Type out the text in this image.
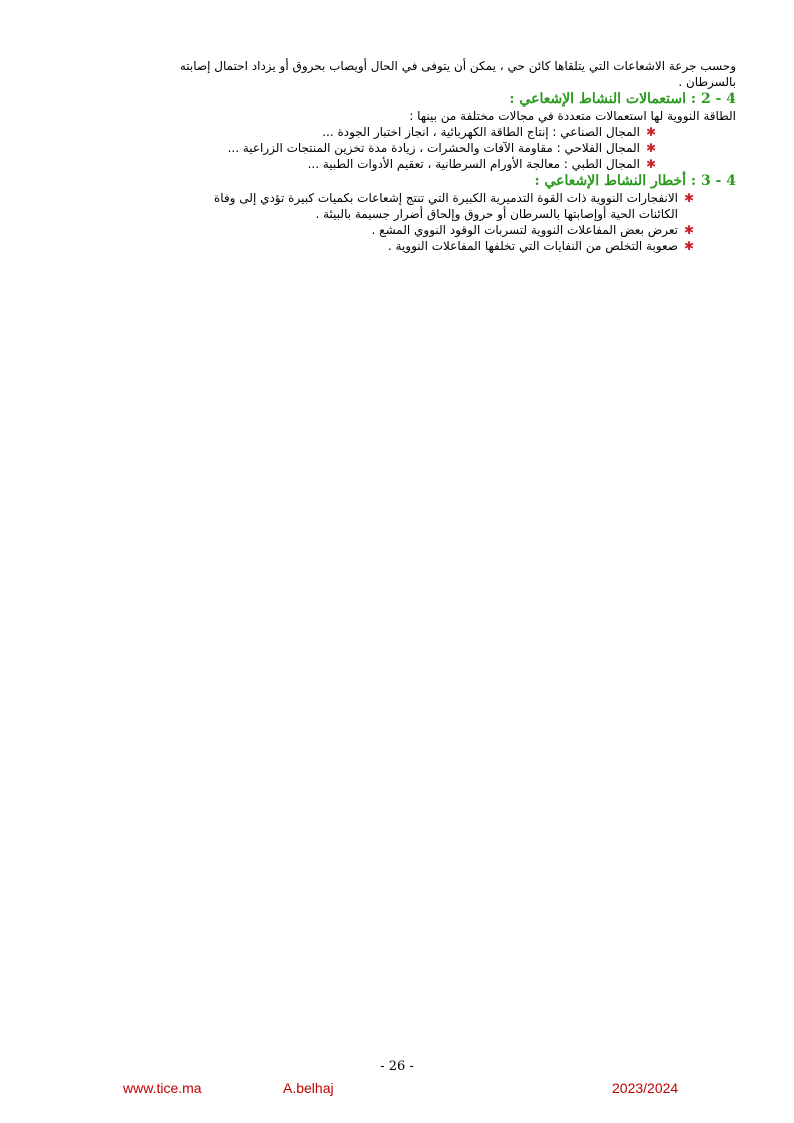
وحسب جرعة الاشعاعات التي يتلقاها كائن حي ، يمكن أن يتوفى في الحال أويصاب بحروق أو يزداد احتمال إصابته

بالسرطان .

4 - 2 : استعمالات النشاط الإشعاعي :

الطاقة النووية لها استعمالات متعددة في مجالات مختلفة من بينها :

✱
المجال الصناعي : إنتاج الطاقة الكهربائية ، انجاز اختبار الجودة ...
✱
المجال الفلاحي : مقاومة الآفات والحشرات ، زيادة مدة تخزين المنتجات الزراعية ...
✱
المجال الطبي : معالجة الأورام السرطانية ، تعقيم الأدوات الطبية ...
4 - 3 : أخطار النشاط الإشعاعي :
✱
الانفجارات النووية ذات القوة التدميرية الكبيرة التي تنتج إشعاعات بكميات كبيرة تؤدي إلى وفاة
الكائنات الحية أوإصابتها بالسرطان أو حروق وإلحاق أضرار جسيمة بالبيئة .
✱
تعرض بعض المفاعلات النووية لتسربات الوقود النووي المشع .
✱
صعوبة التخلص من النفايات التي تخلفها المفاعلات النووية .
- 26 -
www.tice.ma	A.belhaj	2023/2024
